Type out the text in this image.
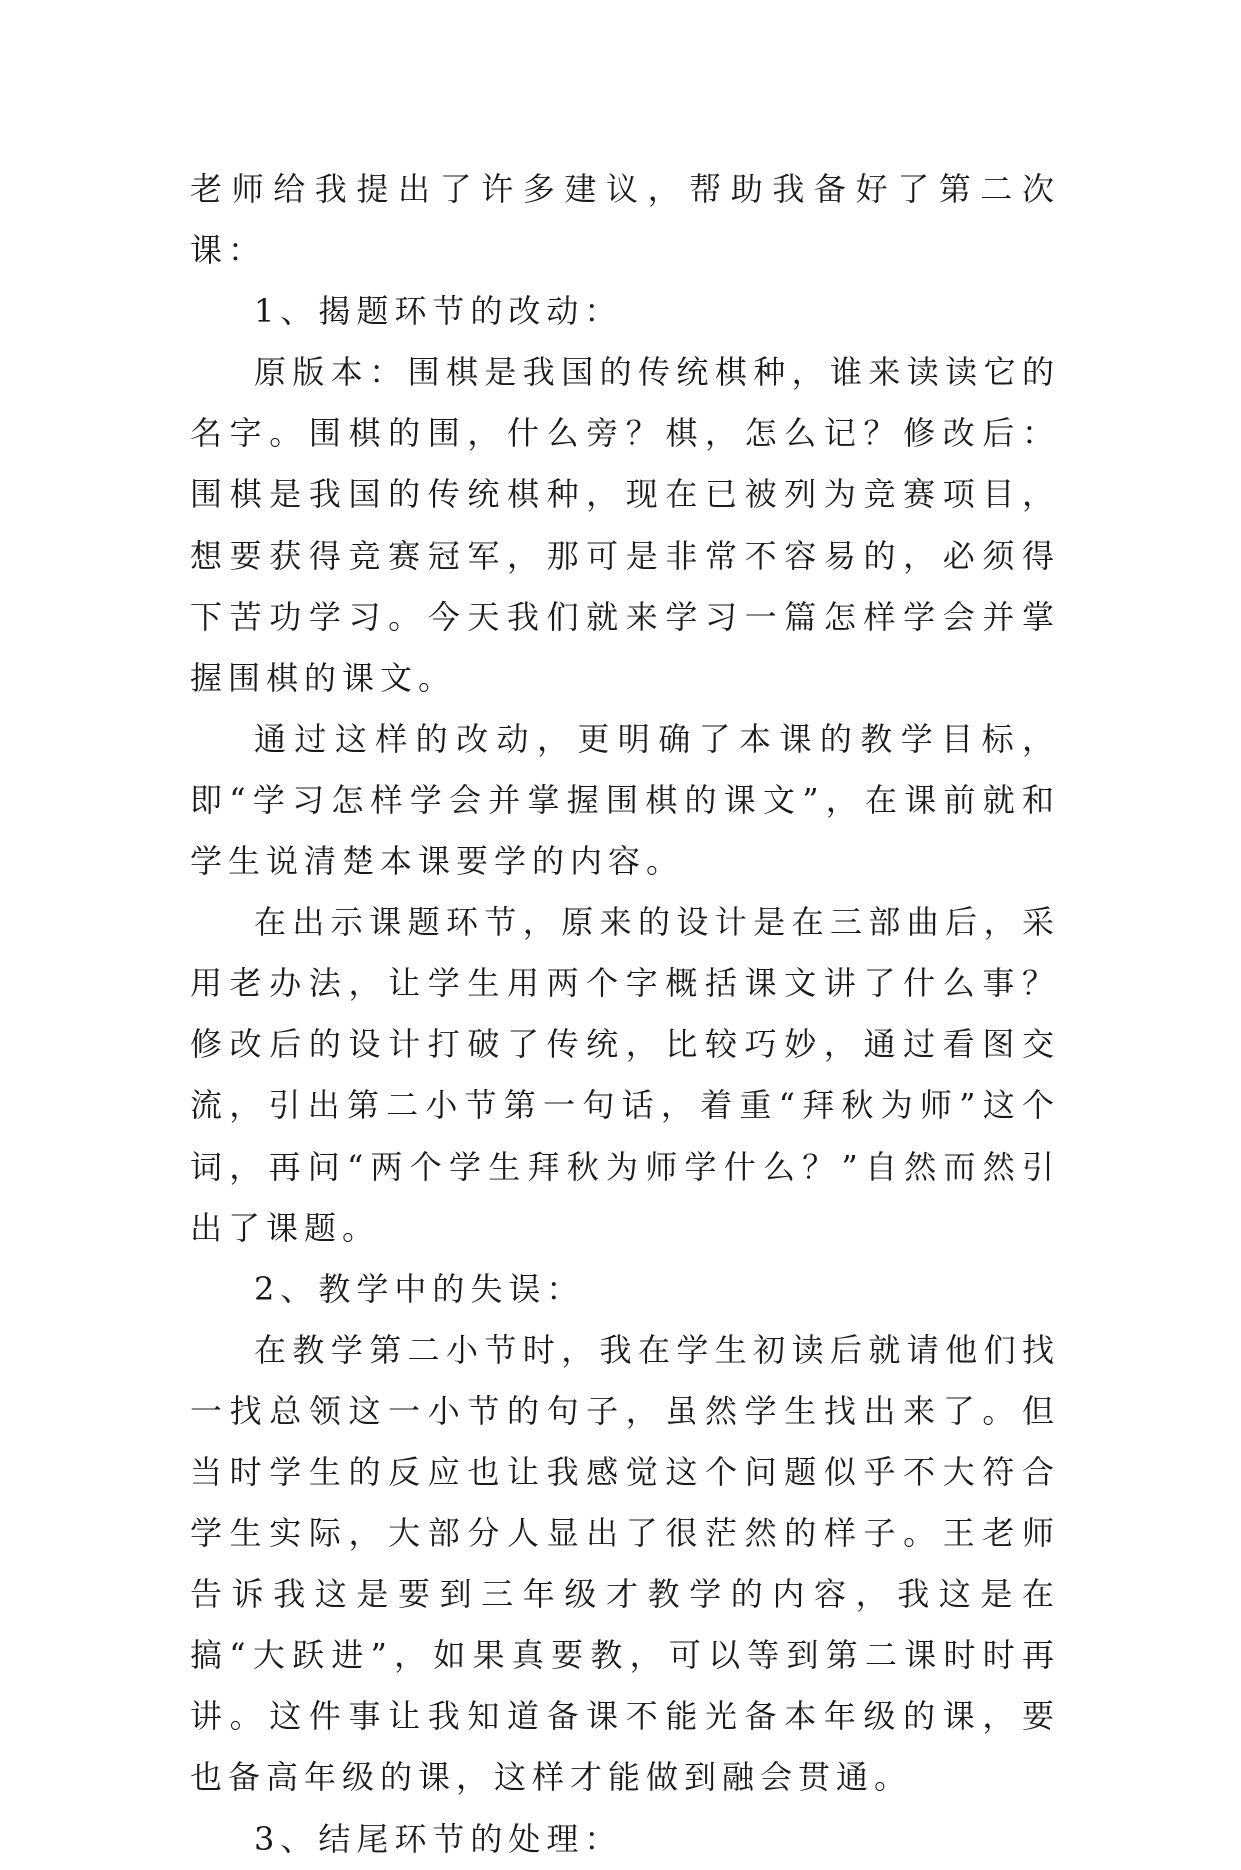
老师给我提出了许多建议，帮助我备好了第二次课：

1、揭题环节的改动：

原版本：围棋是我国的传统棋种，谁来读读它的名字。围棋的围，什么旁？棋，怎么记？修改后：围棋是我国的传统棋种，现在已被列为竞赛项目，想要获得竞赛冠军，那可是非常不容易的，必须得下苦功学习。今天我们就来学习一篇怎样学会并掌握围棋的课文。

通过这样的改动，更明确了本课的教学目标，即“学习怎样学会并掌握围棋的课文”，在课前就和学生说清楚本课要学的内容。

在出示课题环节，原来的设计是在三部曲后，采用老办法，让学生用两个字概括课文讲了什么事？修改后的设计打破了传统，比较巧妙，通过看图交流，引出第二小节第一句话，着重“拜秋为师”这个词，再问“两个学生拜秋为师学什么？”自然而然引出了课题。

2、教学中的失误：

在教学第二小节时，我在学生初读后就请他们找一找总领这一小节的句子，虽然学生找出来了。但当时学生的反应也让我感觉这个问题似乎不大符合学生实际，大部分人显出了很茫然的样子。王老师告诉我这是要到三年级才教学的内容，我这是在搞“大跃进”，如果真要教，可以等到第二课时时再讲。这件事让我知道备课不能光备本年级的课，要也备高年级的课，这样才能做到融会贯通。

3、结尾环节的处理：
